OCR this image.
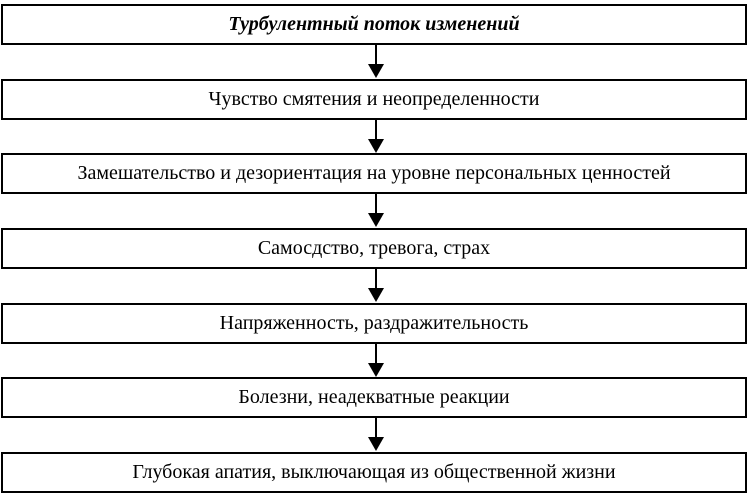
Турбулентный поток изменений
Чувство смятения и неопределенности
Замешательство и дезориентация на уровне персональных ценностей
Самосдство, тревога, страх
Напряженность, раздражительность
Болезни, неадекватные реакции
Глубокая апатия, выключающая из общественной жизни
